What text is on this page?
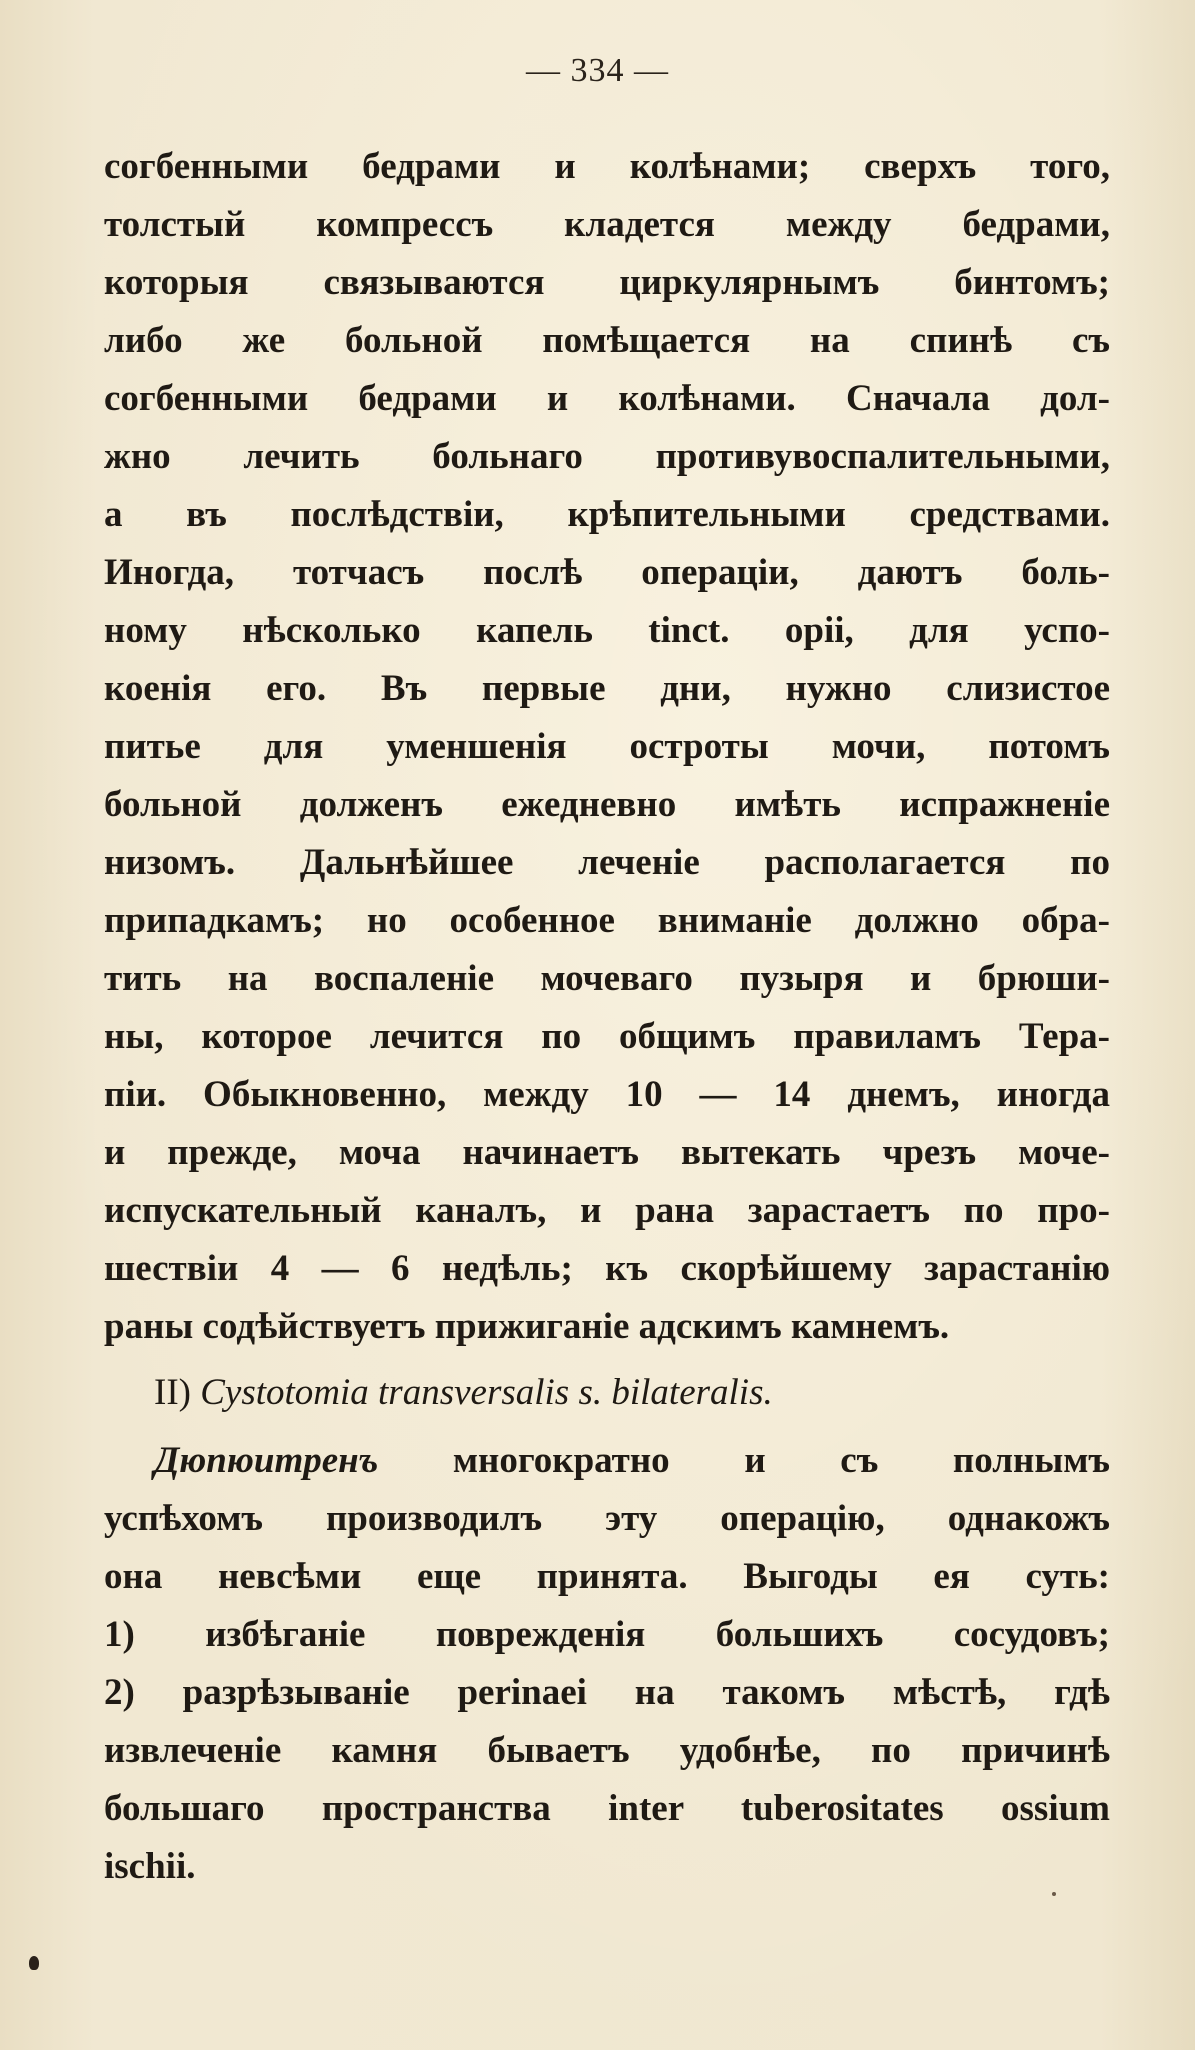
— 334 —
согбенными бедрами и колѣнами; сверхъ того,
толстый компрессъ кладется между бедрами,
которыя связываются циркулярнымъ бинтомъ;
либо же больной помѣщается на спинѣ съ
согбенными бедрами и колѣнами. Сначала дол-
жно лечить больнаго противувоспалительными,
а въ послѣдствіи, крѣпительными средствами.
Иногда, тотчасъ послѣ операціи, даютъ боль-
ному нѣсколько капель tinct. opii, для успо-
коенія его. Въ первые дни, нужно слизистое
питье для уменшенія остроты мочи, потомъ
больной долженъ ежедневно имѣть испражненіе
низомъ. Дальнѣйшее леченіе располагается по
припадкамъ; но особенное вниманіе должно обра-
тить на воспаленіе мочеваго пузыря и брюши-
ны, которое лечится по общимъ правиламъ Тера-
піи. Обыкновенно, между 10 — 14 днемъ, иногда
и прежде, моча начинаетъ вытекать чрезъ моче-
испускательный каналъ, и рана зарастаетъ по про-
шествіи 4 — 6 недѣль; къ скорѣйшему зарастанію
раны содѣйствуетъ прижиганіе адскимъ камнемъ.
II) Cystotomia transversalis s. bilateralis.
Дюпюитренъ многократно и съ полнымъ
успѣхомъ производилъ эту операцію, однакожъ
она невсѣми еще принята. Выгоды ея суть:
1) избѣганіе поврежденія большихъ сосудовъ;
2) разрѣзываніе perinaei на такомъ мѣстѣ, гдѣ
извлеченіе камня бываетъ удобнѣе, по причинѣ
большаго пространства inter tuberositates ossium
ischii.
